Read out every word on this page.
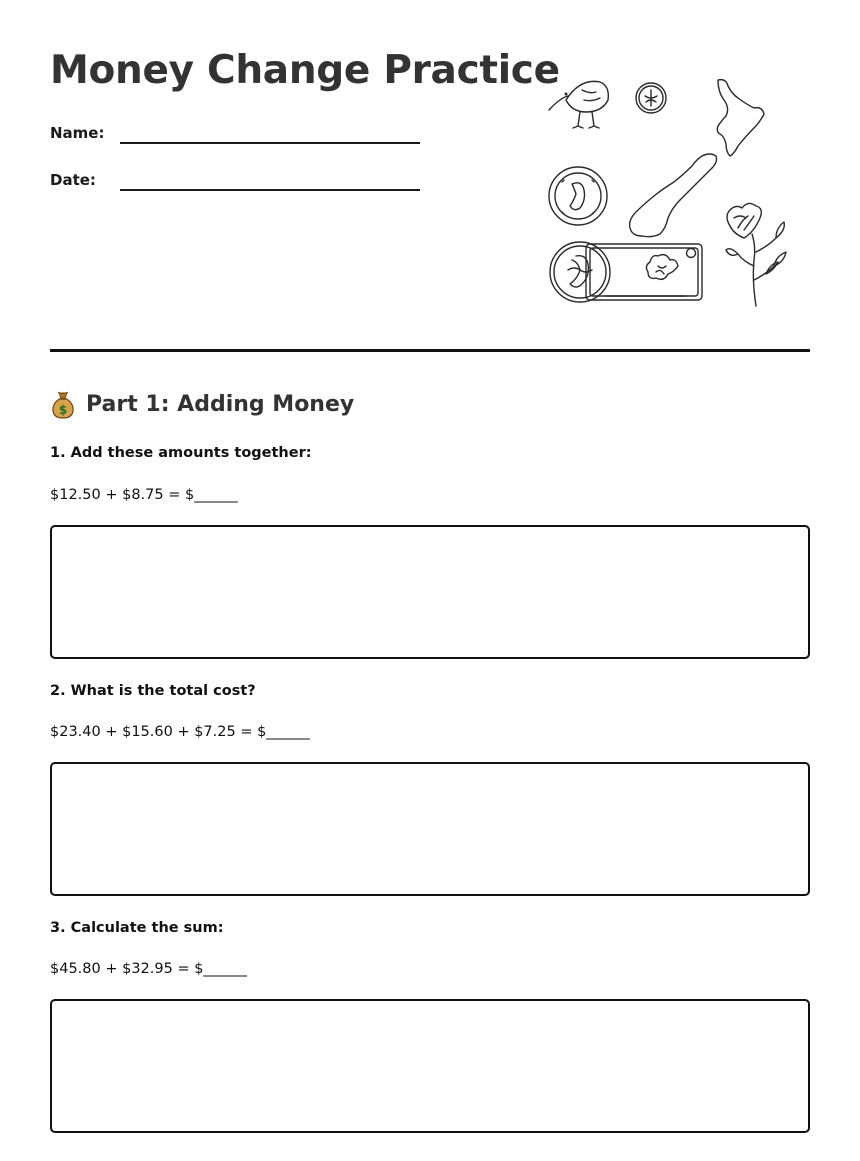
Money Change Practice
Name:
Date:
$ Part 1: Adding Money
1. Add these amounts together:
$12.50 + $8.75 = $______
2. What is the total cost?
$23.40 + $15.60 + $7.25 = $______
3. Calculate the sum:
$45.80 + $32.95 = $______
